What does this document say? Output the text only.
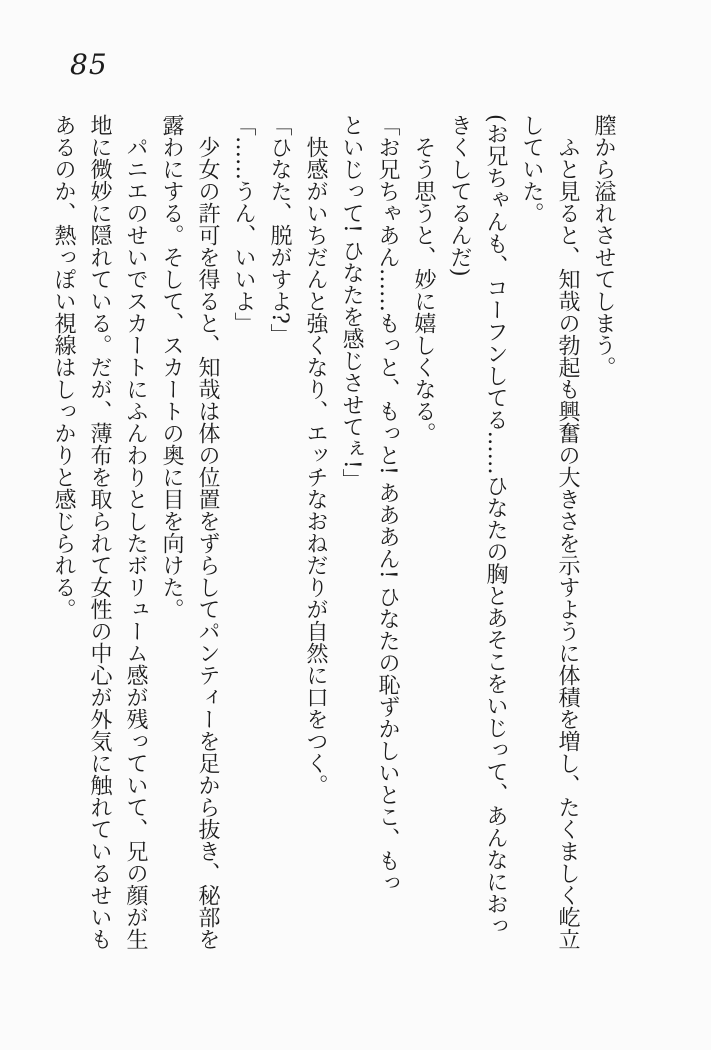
85
膣から溢れさせてしまう。
ふと見ると、知哉の勃起も興奮の大きさを示すように体積を増し、たくましく屹立
していた。
(お兄ちゃんも、コーフンしてる……ひなたの胸とあそこをいじって、あんなにおっ
きくしてるんだ)
そう思うと、妙に嬉しくなる。
「お兄ちゃあん……もっと、もっと! あああん! ひなたの恥ずかしいとこ、もっ
といじって! ひなたを感じさせてぇ!」
快感がいちだんと強くなり、エッチなおねだりが自然に口をつく。
「ひなた、脱がすよ?」
「……うん、いいよ」
少女の許可を得ると、知哉は体の位置をずらしてパンティーを足から抜き、秘部を
露わにする。そして、スカートの奥に目を向けた。
パニエのせいでスカートにふんわりとしたボリューム感が残っていて、兄の顔が生
地に微妙に隠れている。だが、薄布を取られて女性の中心が外気に触れているせいも
あるのか、熱っぽい視線はしっかりと感じられる。
